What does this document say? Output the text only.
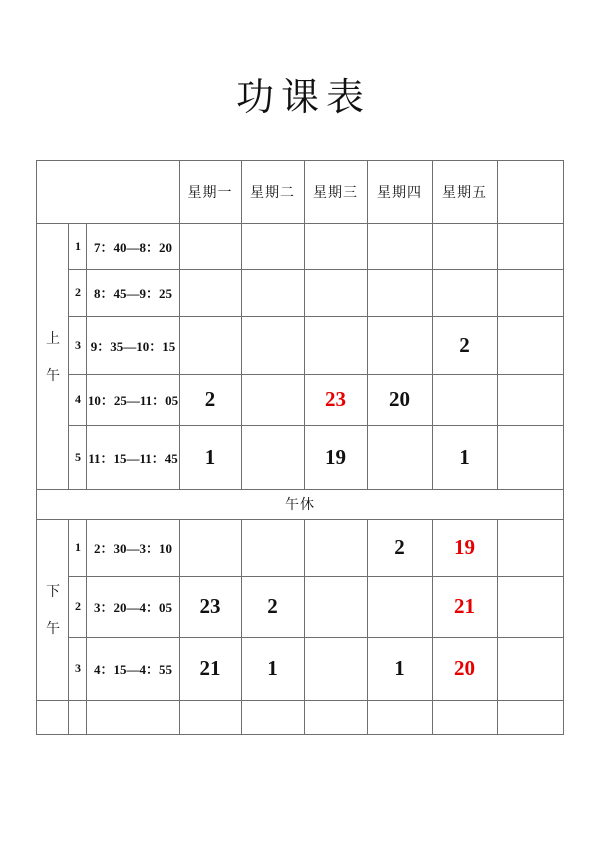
功课表
			星期一	星期二	星期三	星期四	星期五	

上
午	1	7：40—8：20						
	2	8：45—9：25						
	3	9：35—10：15					2	
	4	10：25—11：05	2		23	20		
	5	11：15—11：45	1		19		1	
午休								

下
午	1	2：30—3：10				2	19	
	2	3：20—4：05	23	2			21	
	3	4：15—4：55	21	1		1	20	
